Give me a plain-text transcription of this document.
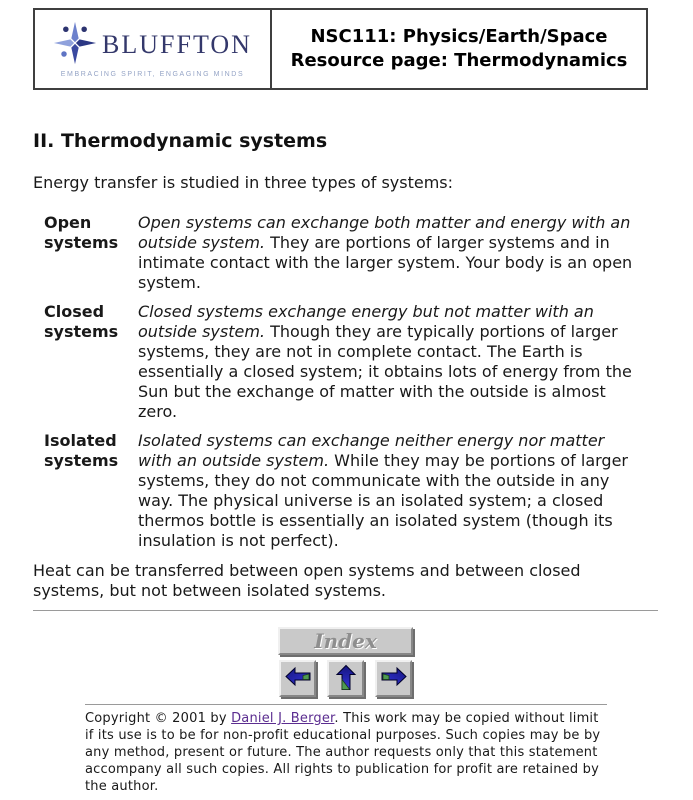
BLUFFTON
EMBRACING SPIRIT, ENGAGING MINDS
NSC111: Physics/Earth/Space
Resource page: Thermodynamics
II. Thermodynamic systems

Energy transfer is studied in three types of systems:

Open systems
Open systems can exchange both matter and energy with an outside system. They are portions of larger systems and in intimate contact with the larger system. Your body is an open system.
Closed systems
Closed systems exchange energy but not matter with an outside system. Though they are typically portions of larger systems, they are not in complete contact. The Earth is essentially a closed system; it obtains lots of energy from the Sun but the exchange of matter with the outside is almost zero.
Isolated systems
Isolated systems can exchange neither energy nor matter with an outside system. While they may be portions of larger systems, they do not communicate with the outside in any way. The physical universe is an isolated system; a closed thermos bottle is essentially an isolated system (though its insulation is not perfect).

Heat can be transferred between open systems and between closed systems, but not between isolated systems.

Index

Copyright © 2001 by Daniel J. Berger. This work may be copied without limit if its use is to be for non-profit educational purposes. Such copies may be by any method, present or future. The author requests only that this statement accompany all such copies. All rights to publication for profit are retained by the author.
